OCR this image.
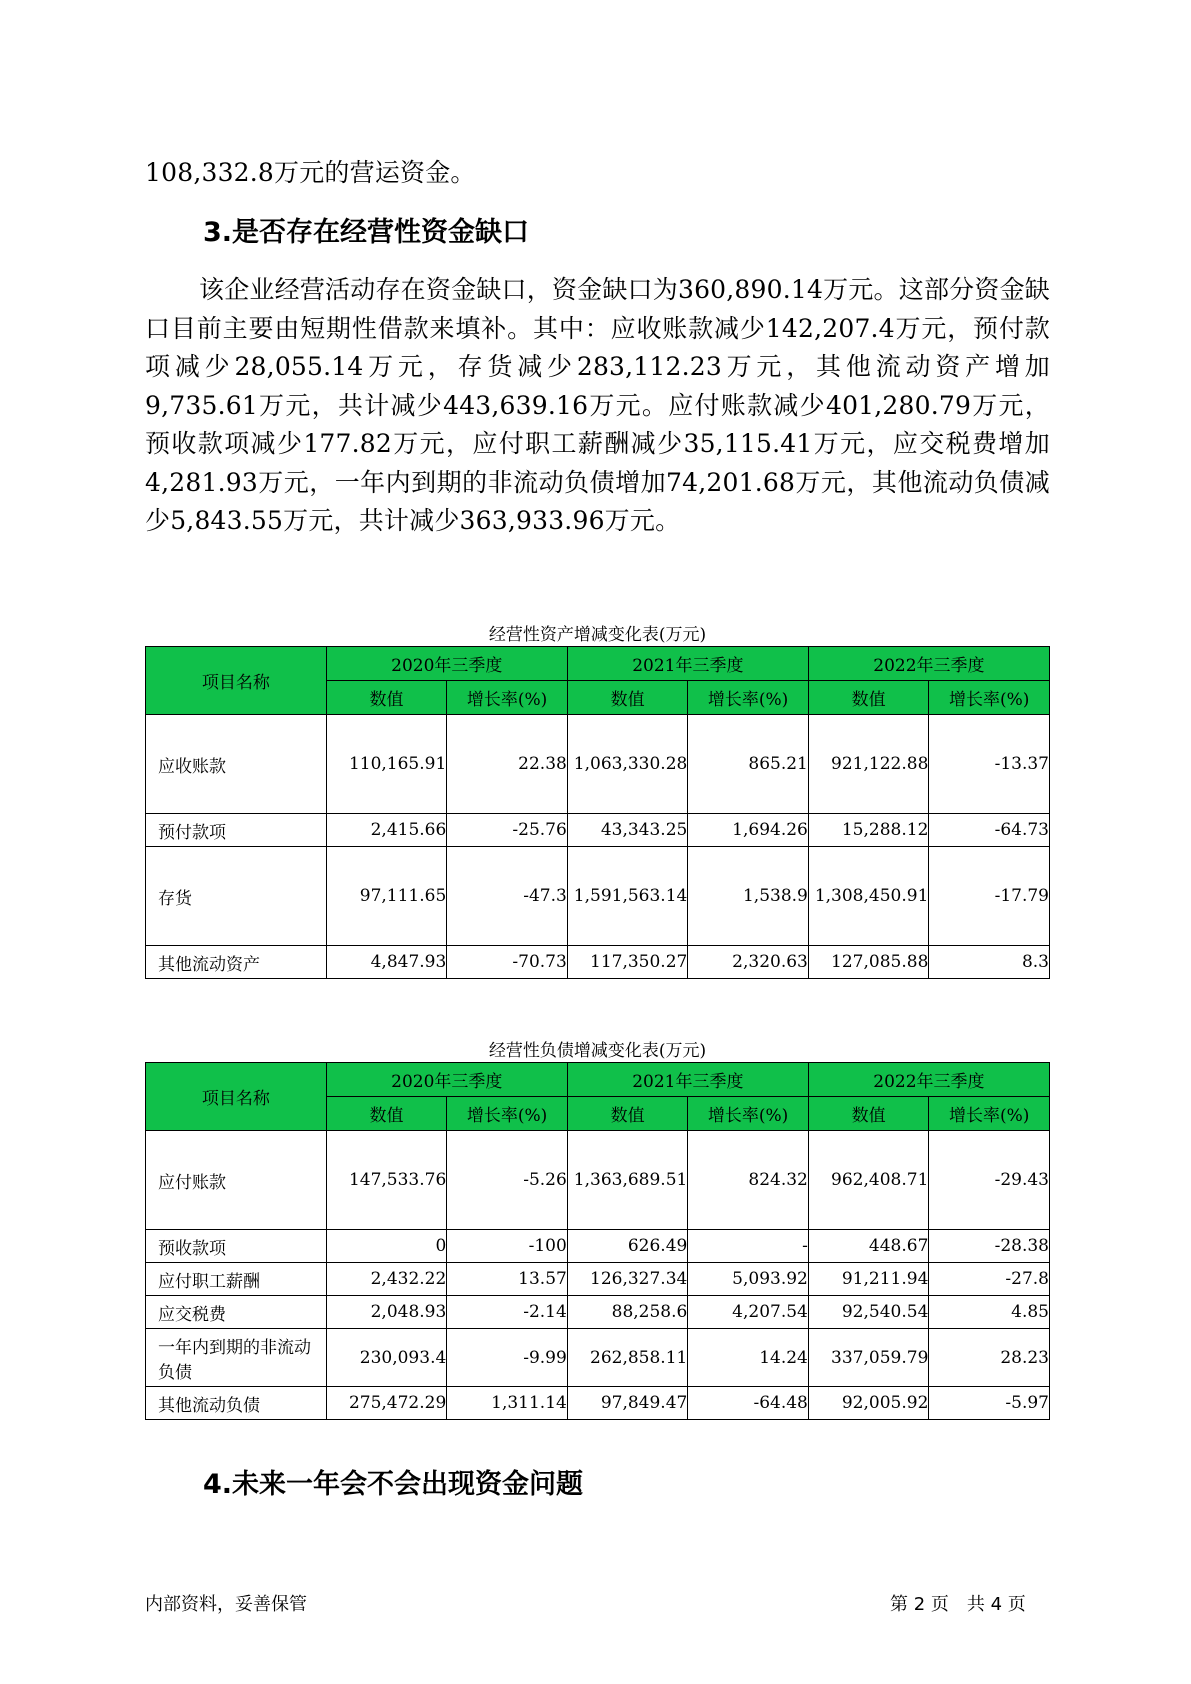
108,332.8万元的营运资金。

3.是否存在经营性资金缺口

该企业经营活动存在资金缺口，资金缺口为360,890.14万元。这部分资金缺口目前主要由短期性借款来填补。其中：应收账款减少142,207.4万元，预付款项减少28,055.14万元，存货减少283,112.23万元，其他流动资产增加9,735.61万元，共计减少443,639.16万元。应付账款减少401,280.79万元，预收款项减少177.82万元，应付职工薪酬减少35,115.41万元，应交税费增加4,281.93万元，一年内到期的非流动负债增加74,201.68万元，其他流动负债减少5,843.55万元，共计减少363,933.96万元。

经营性资产增减变化表(万元)

项目名称	2020年三季度		2021年三季度		2022年三季度	
	数值	增长率(%)	数值	增长率(%)	数值	增长率(%)
应收账款	110,165.91	22.38	1,063,330.28	865.21	921,122.88	-13.37
预付款项	2,415.66	-25.76	43,343.25	1,694.26	15,288.12	-64.73
存货	97,111.65	-47.3	1,591,563.14	1,538.9	1,308,450.91	-17.79
其他流动资产	4,847.93	-70.73	117,350.27	2,320.63	127,085.88	8.3

经营性负债增减变化表(万元)

项目名称	2020年三季度		2021年三季度		2022年三季度	
	数值	增长率(%)	数值	增长率(%)	数值	增长率(%)
应付账款	147,533.76	-5.26	1,363,689.51	824.32	962,408.71	-29.43
预收款项	0	-100	626.49	-	448.67	-28.38
应付职工薪酬	2,432.22	13.57	126,327.34	5,093.92	91,211.94	-27.8
应交税费	2,048.93	-2.14	88,258.6	4,207.54	92,540.54	4.85
一年内到期的非流动负债	230,093.4	-9.99	262,858.11	14.24	337,059.79	28.23
其他流动负债	275,472.29	1,311.14	97,849.47	-64.48	92,005.92	-5.97
4.未来一年会不会出现资金问题

内部资料，妥善保管	第 2 页　共 4 页
